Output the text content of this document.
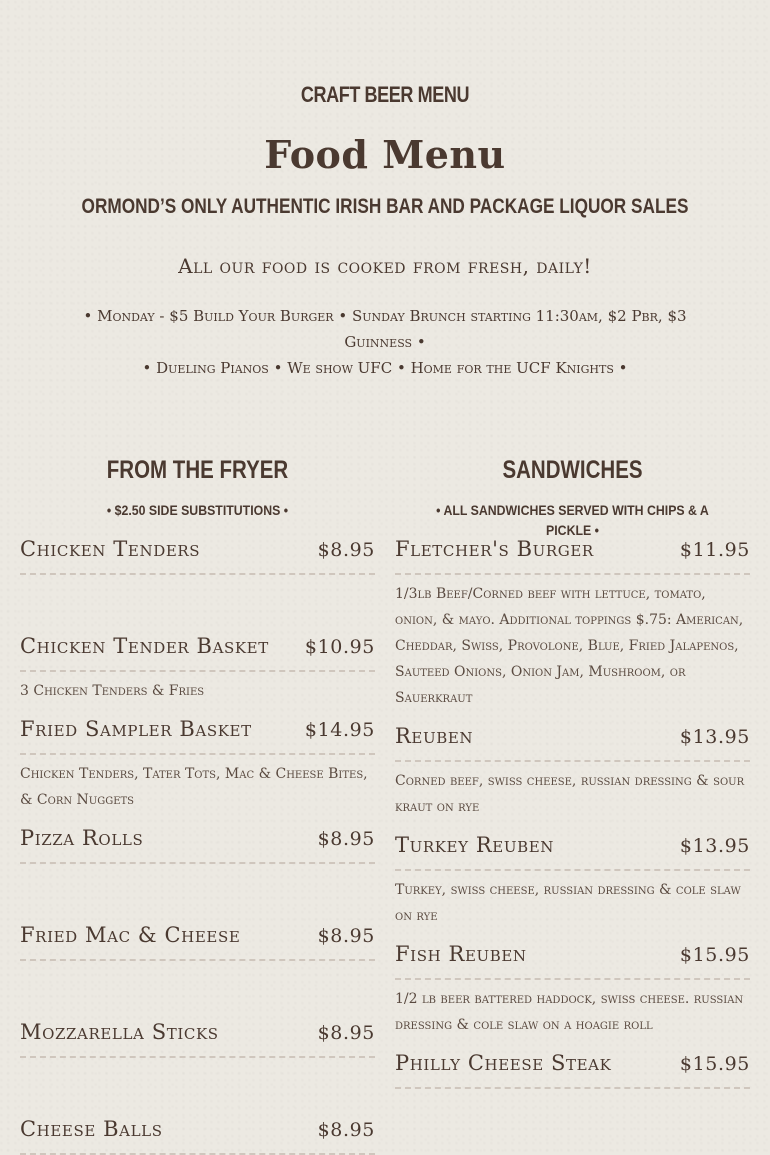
CRAFT BEER MENU
Food Menu
ORMOND’S ONLY AUTHENTIC IRISH BAR AND PACKAGE LIQUOR SALES
All our food is cooked from fresh, daily!
• Monday - $5 Build Your Burger • Sunday Brunch starting 11:30am, $2 Pbr, $3 Guinness •
• Dueling Pianos • We show UFC • Home for the UCF Knights •
FROM THE FRYER
• $2.50 SIDE SUBSTITUTIONS •
Chicken Tenders	$8.95
Chicken Tender Basket $10.95
3 Chicken Tenders & Fries
Fried Sampler Basket	$14.95
Chicken Tenders, Tater Tots, Mac & Cheese Bites, & Corn Nuggets
Pizza Rolls	$8.95
Fried Mac & Cheese	$8.95
Mozzarella Sticks	$8.95
Cheese Balls	$8.95
SANDWICHES
• ALL SANDWICHES SERVED WITH CHIPS & A PICKLE •
Fletcher's Burger	$11.95
1/3lb Beef/Corned beef with lettuce, tomato, onion, & mayo. Additional toppings $.75: American, Cheddar, Swiss, Provolone, Blue, Fried Jalapenos, Sauteed Onions, Onion Jam, Mushroom, or Sauerkraut
Reuben	$13.95
Corned beef, swiss cheese, russian dressing & sour kraut on rye
Turkey Reuben	$13.95
Turkey, swiss cheese, russian dressing & cole slaw on rye
Fish Reuben	$15.95
1/2 lb beer battered haddock, swiss cheese. russian dressing & cole slaw on a hoagie roll
Philly Cheese Steak	$15.95
